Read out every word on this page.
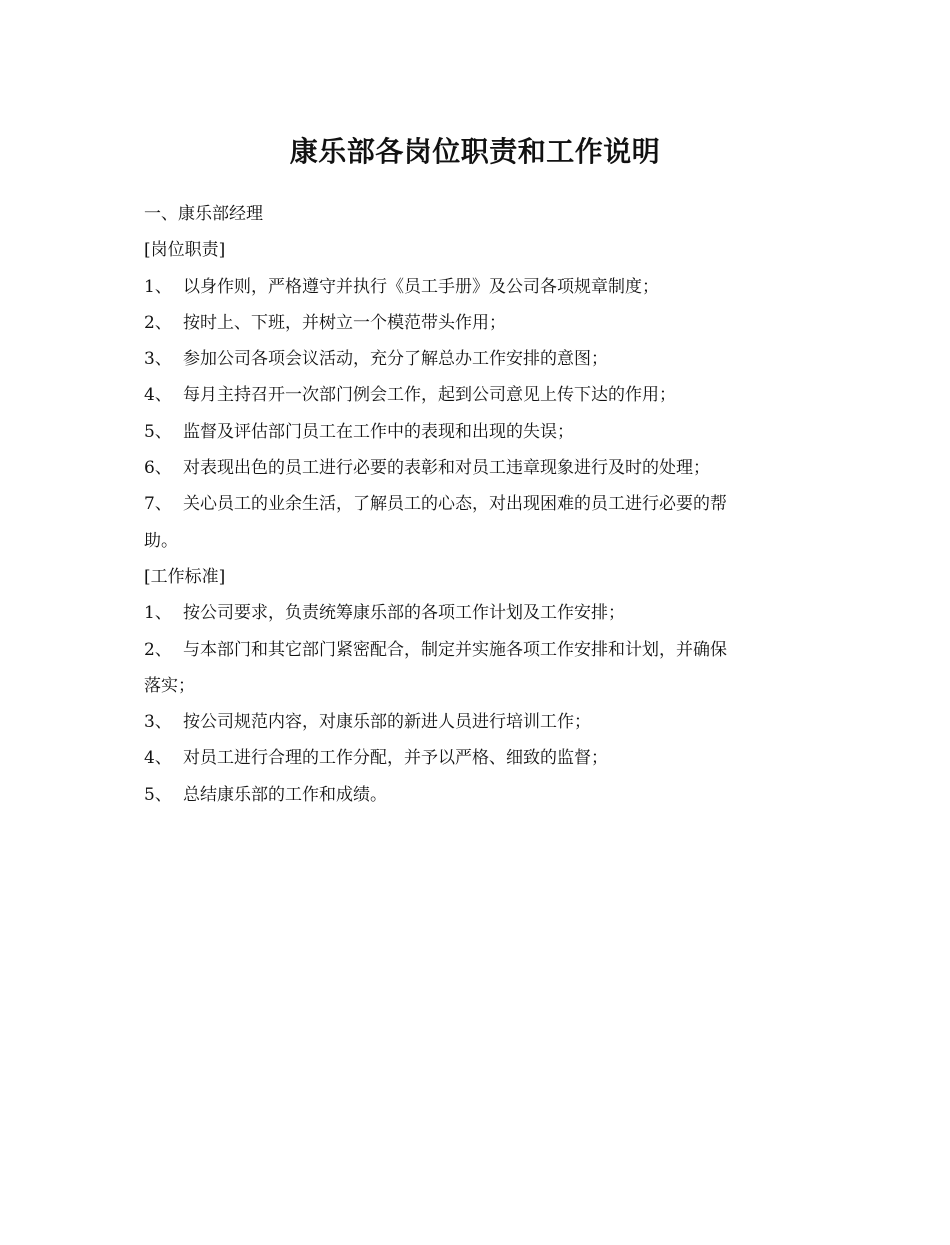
康乐部各岗位职责和工作说明
一、康乐部经理
[岗位职责]
1、 以身作则，严格遵守并执行《员工手册》及公司各项规章制度；
2、 按时上、下班，并树立一个模范带头作用；
3、 参加公司各项会议活动，充分了解总办工作安排的意图；
4、 每月主持召开一次部门例会工作，起到公司意见上传下达的作用；
5、 监督及评估部门员工在工作中的表现和出现的失误；
6、 对表现出色的员工进行必要的表彰和对员工违章现象进行及时的处理；
7、 关心员工的业余生活，了解员工的心态，对出现困难的员工进行必要的帮
助。
[工作标准]
1、 按公司要求，负责统筹康乐部的各项工作计划及工作安排；
2、 与本部门和其它部门紧密配合，制定并实施各项工作安排和计划，并确保
落实；
3、 按公司规范内容，对康乐部的新进人员进行培训工作；
4、 对员工进行合理的工作分配，并予以严格、细致的监督；
5、 总结康乐部的工作和成绩。
